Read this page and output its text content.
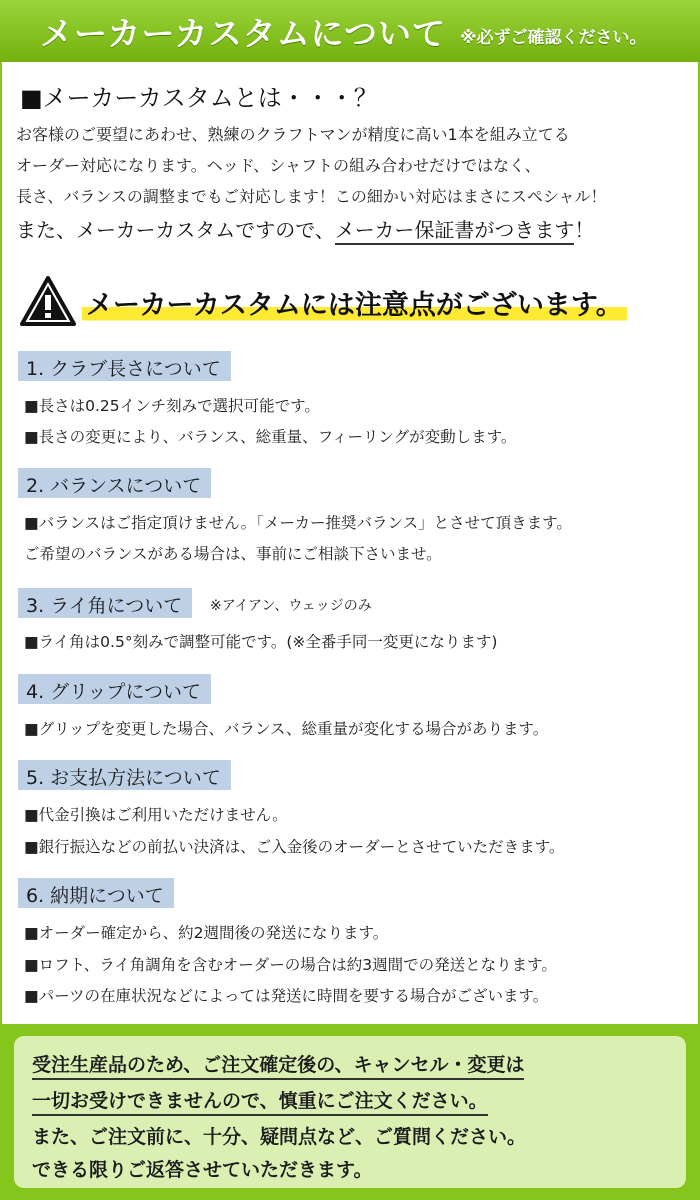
メーカーカスタムについて ※必ずご確認ください。
■メーカーカスタムとは・・・？
お客様のご要望にあわせ、熟練のクラフトマンが精度に高い1本を組み立てる
オーダー対応になります。ヘッド、シャフトの組み合わせだけではなく、
長さ、バランスの調整までもご対応します！この細かい対応はまさにスペシャル！
また、メーカーカスタムですので、メーカー保証書がつきます！
メーカーカスタムには注意点がございます。
1. クラブ長さについて
■長さは0.25インチ刻みで選択可能です。
■長さの変更により、バランス、総重量、フィーリングが変動します。
2. バランスについて
■バランスはご指定頂けません。「メーカー推奨バランス」とさせて頂きます。
ご希望のバランスがある場合は、事前にご相談下さいませ。
3. ライ角について	※アイアン、ウェッジのみ
■ライ角は0.5°刻みで調整可能です。(※全番手同一変更になります)
4. グリップについて
■グリップを変更した場合、バランス、総重量が変化する場合があります。
5. お支払方法について
■代金引換はご利用いただけません。
■銀行振込などの前払い決済は、ご入金後のオーダーとさせていただきます。
6. 納期について
■オーダー確定から、約2週間後の発送になります。
■ロフト、ライ角調角を含むオーダーの場合は約3週間での発送となります。
■パーツの在庫状況などによっては発送に時間を要する場合がございます。
受注生産品のため、ご注文確定後の、キャンセル・変更は
一切お受けできませんので、慎重にご注文ください。
また、ご注文前に、十分、疑問点など、ご質問ください。
できる限りご返答させていただきます。
